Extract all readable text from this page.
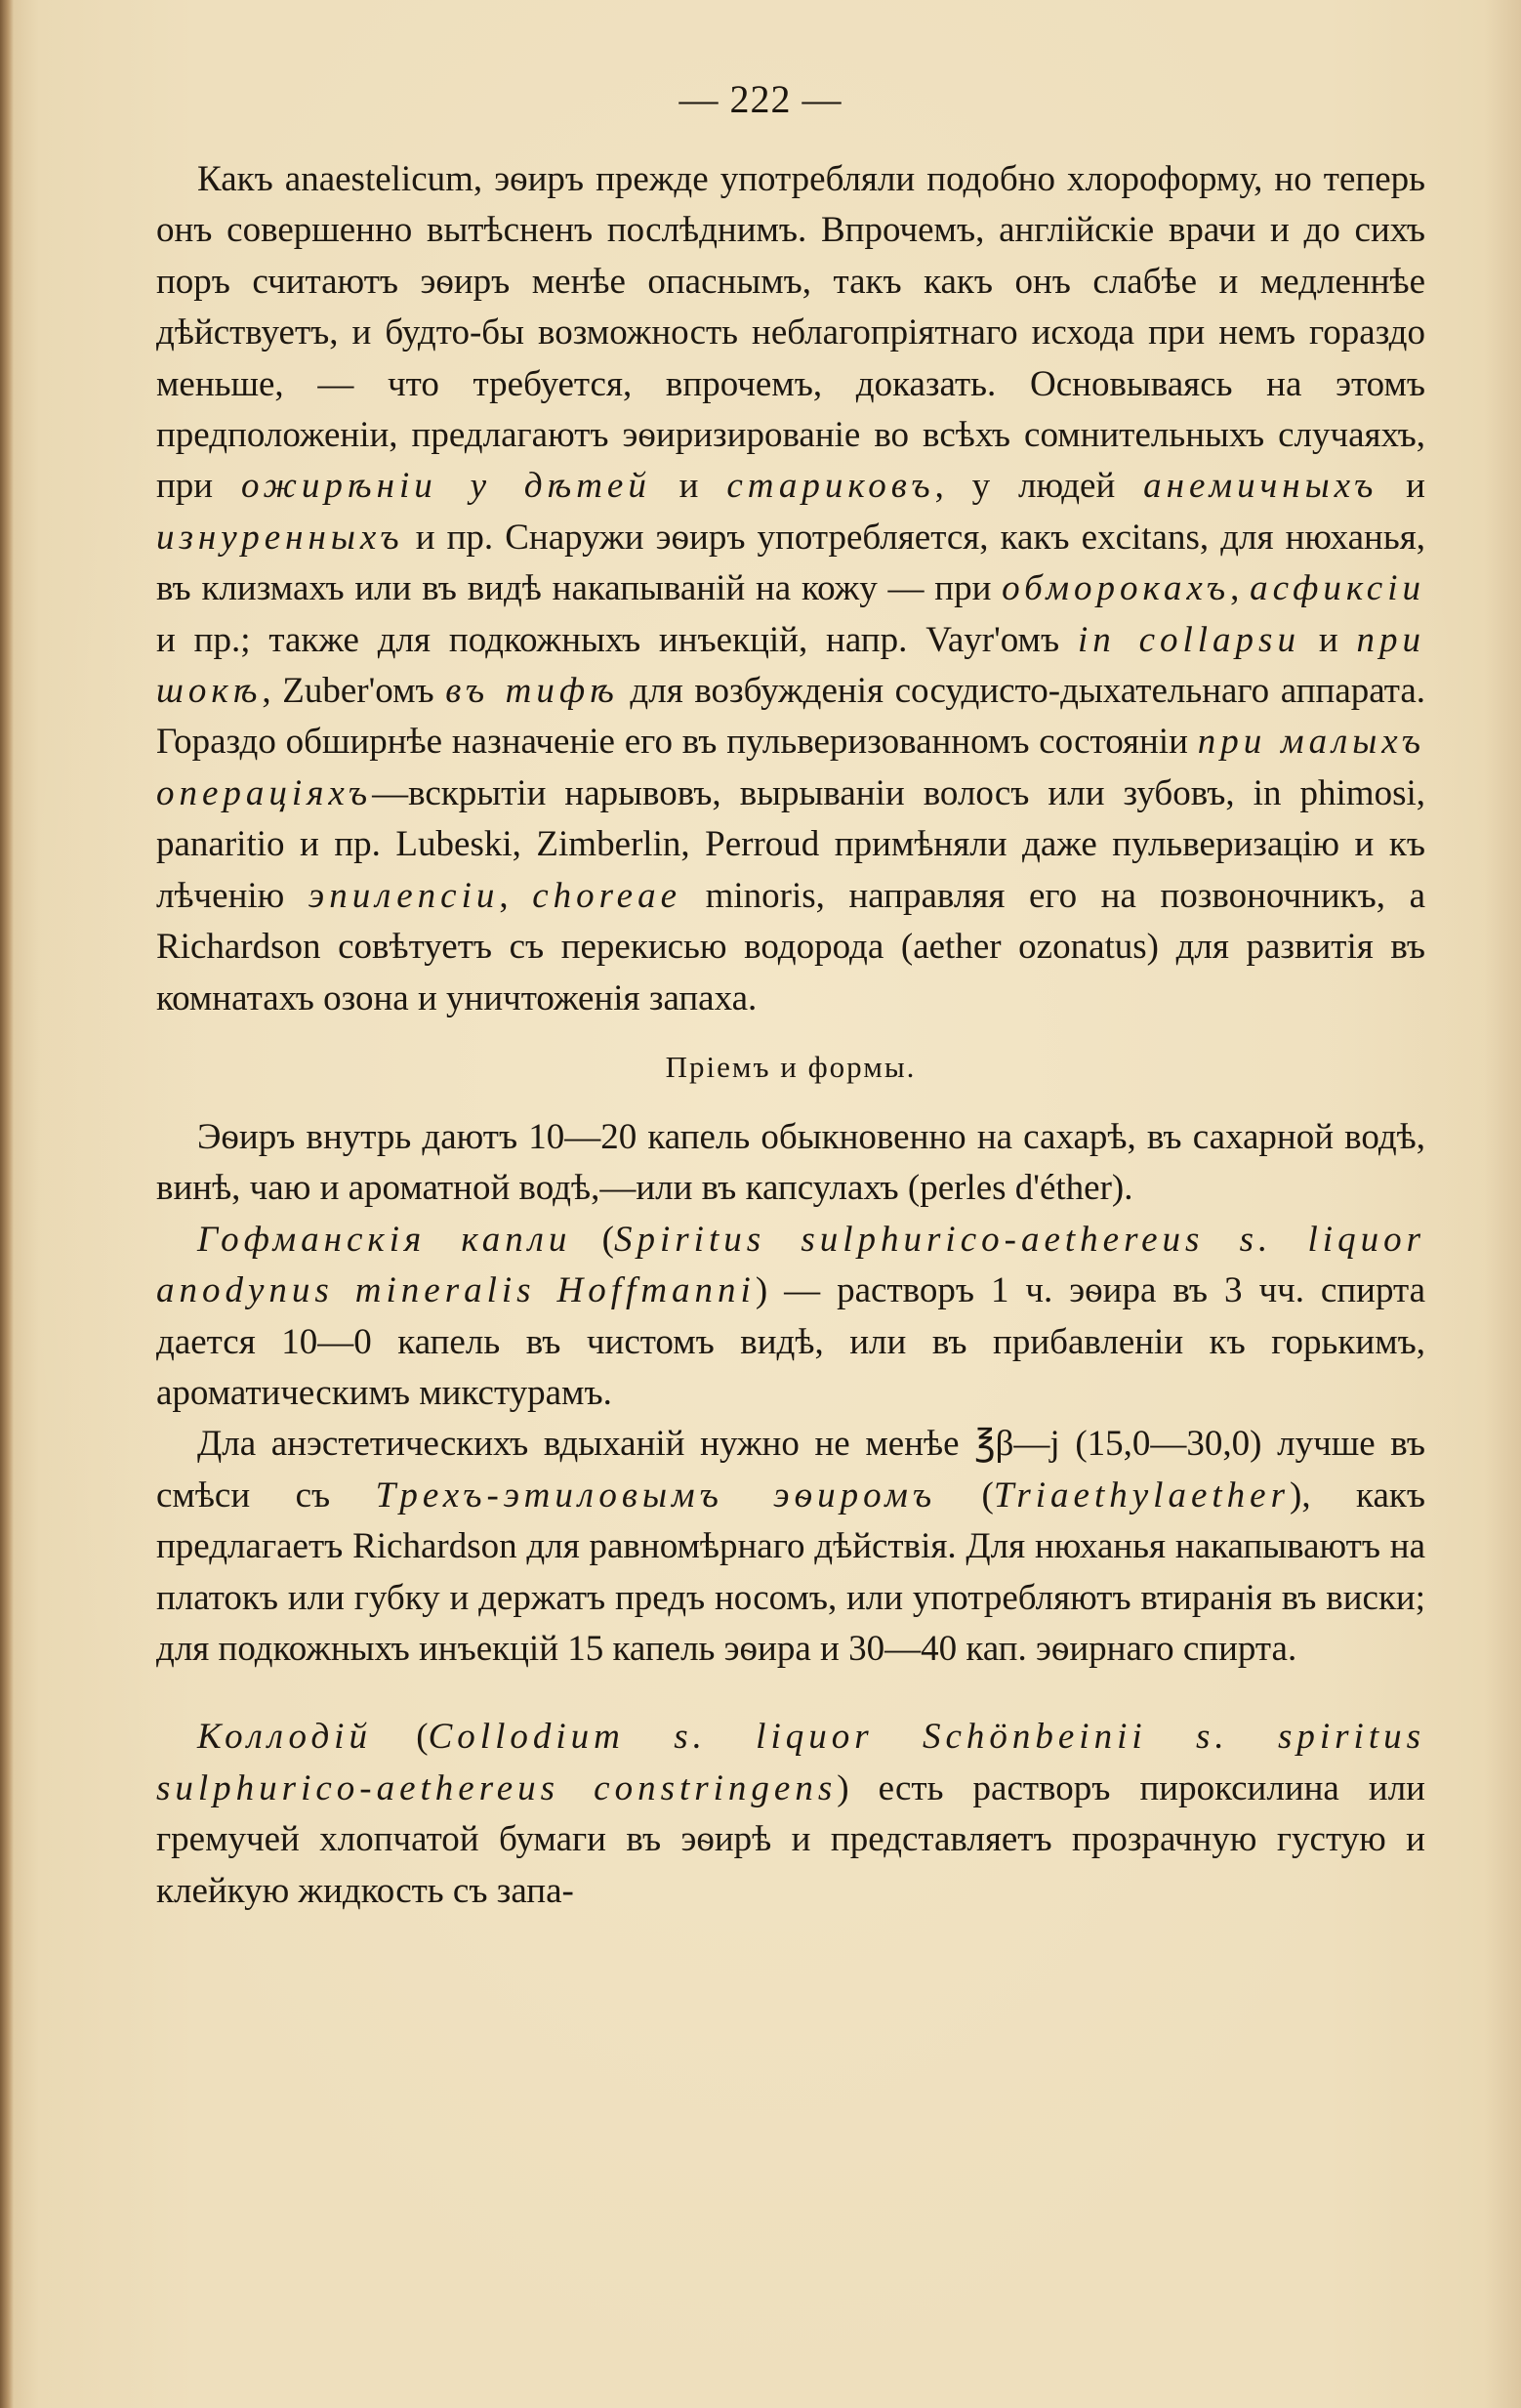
— 222 —

Какъ anaestelicum, эѳиръ прежде употребляли подобно хлороформу, но теперь онъ совершенно вытѣсненъ послѣднимъ. Впрочемъ, англійскіе врачи и до сихъ поръ считаютъ эѳиръ менѣе опаснымъ, такъ какъ онъ слабѣе и медленнѣе дѣйствуетъ, и будто-бы возможность неблагопріятнаго исхода при немъ гораздо меньше, — что требуется, впрочемъ, доказать. Основываясь на этомъ предположеніи, предлагаютъ эѳиризированіе во всѣхъ сомнительныхъ случаяхъ, при ожирѣніи у дѣтей и стариковъ, у людей анемичныхъ и изнуренныхъ и пр. Снаружи эѳиръ употребляется, какъ excitans, для нюханья, въ клизмахъ или въ видѣ накапываній на кожу — при обморокахъ, асфиксіи и пр.; также для подкожныхъ инъекцій, напр. Vayr'омъ in collapsu и при шокѣ, Zuber'омъ въ тифѣ для возбужденія сосудисто-дыхательнаго аппарата. Гораздо обширнѣе назначеніе его въ пульверизованномъ состояніи при малыхъ операціяхъ—вскрытіи нарывовъ, вырываніи волосъ или зубовъ, in phimosi, panaritio и пр. Lubeski, Zimberlin, Perroud примѣняли даже пульверизацію и къ лѣченію эпилепсіи, choreae minoris, направляя его на позвоночникъ, а Richardson совѣтуетъ съ перекисью водорода (aether ozonatus) для развитія въ комнатахъ озона и уничтоженія запаха.

Пріемъ и формы.

Эѳиръ внутрь даютъ 10—20 капель обыкновенно на сахарѣ, въ сахарной водѣ, винѣ, чаю и ароматной водѣ,—или въ капсулахъ (perles d'éther).

Гофманскія капли (Spiritus sulphurico-aethereus s. liquor anodynus mineralis Hoffmanni) — растворъ 1 ч. эѳира въ 3 чч. спирта дается 10—0 капель въ чистомъ видѣ, или въ прибавленіи къ горькимъ, ароматическимъ микстурамъ.

Дла анэстетическихъ вдыханій нужно не менѣе ℥β—j (15,0—30,0) лучше въ смѣси съ Трехъ-этиловымъ эѳиромъ (Triaethylaether), какъ предлагаетъ Richardson для равномѣрнаго дѣйствія. Для нюханья накапываютъ на платокъ или губку и держатъ предъ носомъ, или употребляютъ втиранія въ виски; для подкожныхъ инъекцій 15 капель эѳира и 30—40 кап. эѳирнаго спирта.

Коллодій (Collodium s. liquor Schönbeinii s. spiritus sulphurico-aethereus constringens) есть растворъ пироксилина или гремучей хлопчатой бумаги въ эѳирѣ и представляетъ прозрачную густую и клейкую жидкость съ запа-
